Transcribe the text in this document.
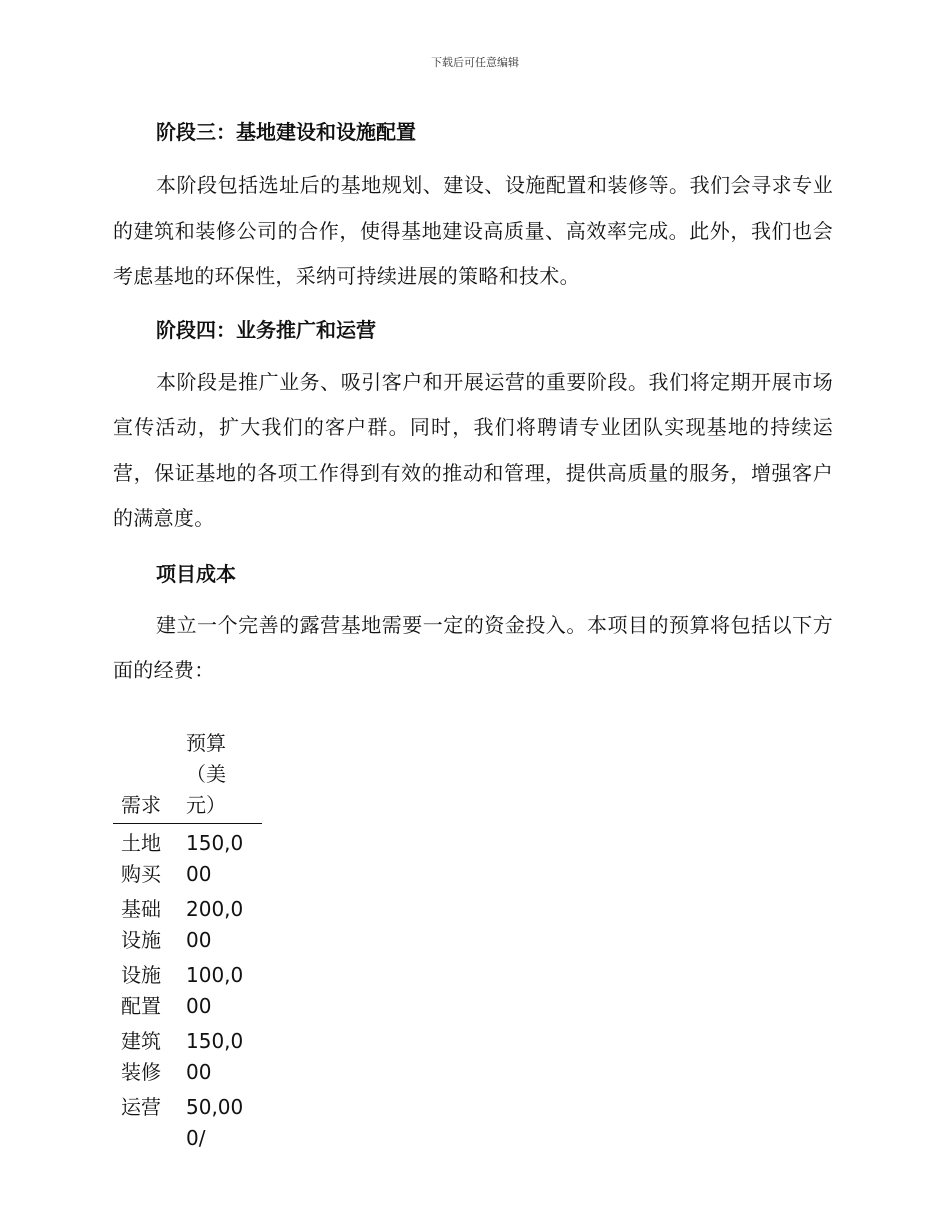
下载后可任意编辑
阶段三：基地建设和设施配置

本阶段包括选址后的基地规划、建设、设施配置和装修等。我们会寻求专业的建筑和装修公司的合作，使得基地建设高质量、高效率完成。此外，我们也会考虑基地的环保性，采纳可持续进展的策略和技术。

阶段四：业务推广和运营

本阶段是推广业务、吸引客户和开展运营的重要阶段。我们将定期开展市场宣传活动，扩大我们的客户群。同时，我们将聘请专业团队实现基地的持续运营，保证基地的各项工作得到有效的推动和管理，提供高质量的服务，增强客户的满意度。

项目成本

建立一个完善的露营基地需要一定的资金投入。本项目的预算将包括以下方面的经费：

需求	预算（美元）
土地购买	150,000
基础设施	200,000
设施配置	100,000
建筑装修	150,000
运营	50,000/
